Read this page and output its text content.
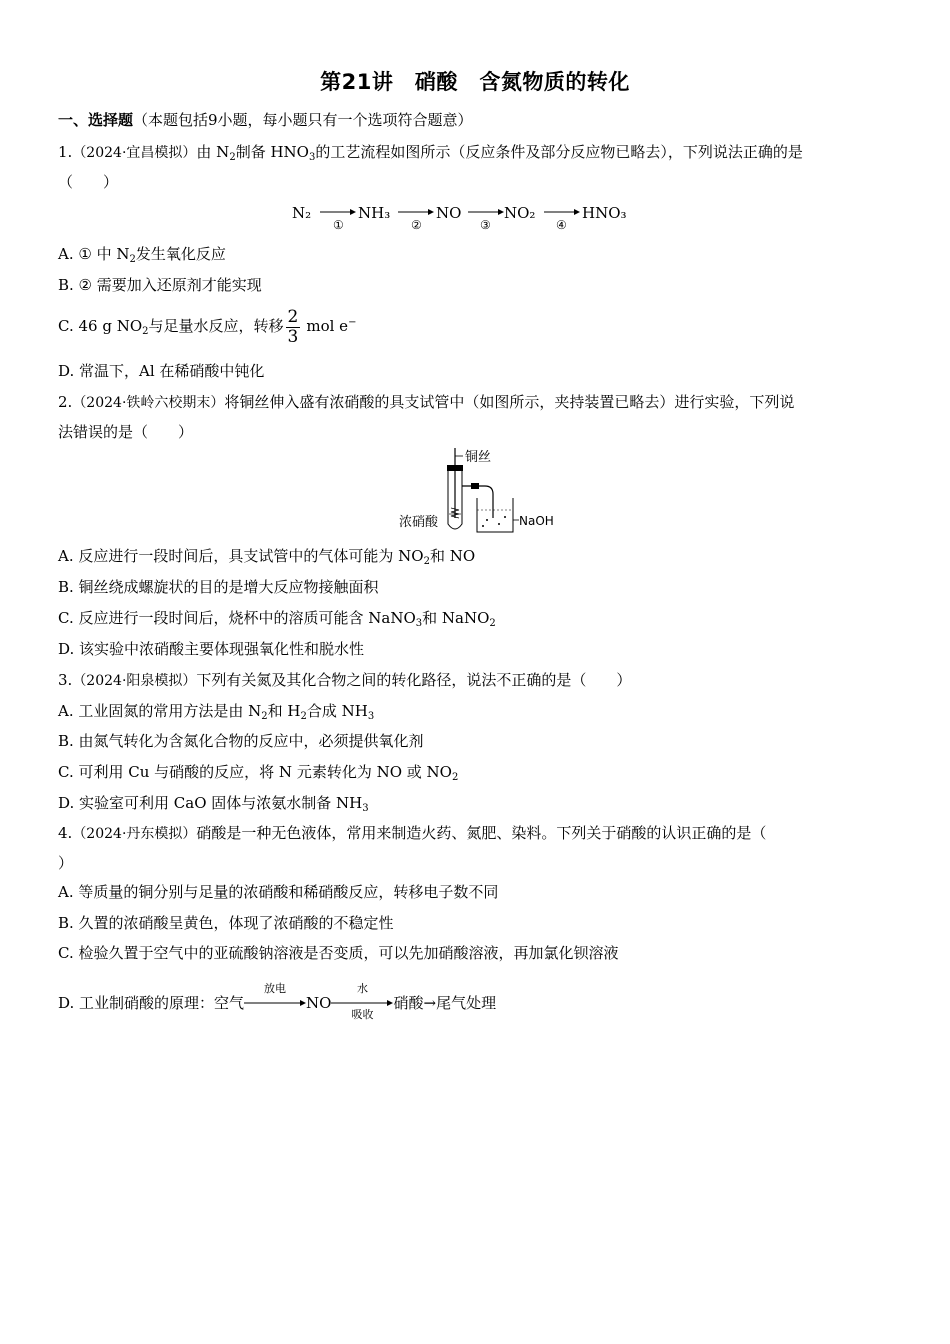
第21讲　硝酸　含氮物质的转化
一、选择题（本题包括9小题，每小题只有一个选项符合题意）
1.（2024·宜昌模拟）由 $N_2$制备 $HNO_3$的工艺流程如图所示（反应条件及部分反应物已略去），下列说法正确的是
（　　）
N₂
①
NH₃
②
NO
③
NO₂
④
HNO₃
A. ① 中 $N_2$发生氧化反应
B. ② 需要加入还原剂才能实现
C. 46 g $NO_2$与足量水反应，转移 $\frac{2}{3}$ mol e−
D. 常温下，Al 在稀硝酸中钝化
2.（2024·铁岭六校期末）将铜丝伸入盛有浓硝酸的具支试管中（如图所示，夹持装置已略去）进行实验，下列说
法错误的是（　　）
铜丝
浓硝酸	NaOH
A. 反应进行一段时间后，具支试管中的气体可能为 $NO_2$和 NO
B. 铜丝绕成螺旋状的目的是增大反应物接触面积
C. 反应进行一段时间后，烧杯中的溶质可能含 NaNO$_3$和 NaNO$_2$
D. 该实验中浓硝酸主要体现强氧化性和脱水性
3.（2024·阳泉模拟）下列有关氮及其化合物之间的转化路径，说法不正确的是（　　）
A. 工业固氮的常用方法是由 $N_2$和 $H_2$合成 $NH_3$
B. 由氮气转化为含氮化合物的反应中，必须提供氧化剂
C. 可利用 Cu 与硝酸的反应，将 N 元素转化为 NO 或 $NO_2$
D. 实验室可利用 CaO 固体与浓氨水制备 $NH_3$
4.（2024·丹东模拟）硝酸是一种无色液体，常用来制造火药、氮肥、染料。下列关于硝酸的认识正确的是（
）
A. 等质量的铜分别与足量的浓硝酸和稀硝酸反应，转移电子数不同
B. 久置的浓硝酸呈黄色，体现了浓硝酸的不稳定性
C. 检验久置于空气中的亚硫酸钠溶液是否变质，可以先加硝酸溶液，再加氯化钡溶液
D. 工业制硝酸的原理：空气
放电
NO
水
吸收
硝酸→尾气处理
